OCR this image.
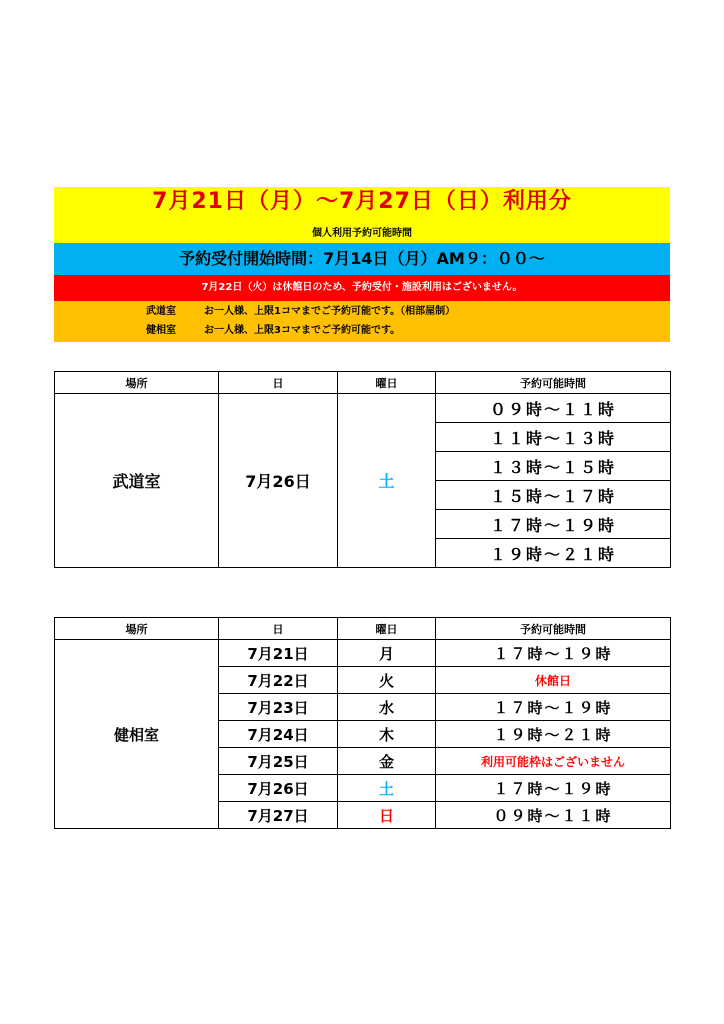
7月21日（月）～7月27日（日）利用分
個人利用予約可能時間
予約受付開始時間：7月14日（月）AM９：００～
7月22日（火）は休館日のため、予約受付・施設利用はございません。
武道室	お一人様、上限1コマまでご予約可能です。（相部屋制）
健相室	お一人様、上限3コマまでご予約可能です。
場所	日	曜日	予約可能時間
武道室	7月26日	土	０９時～１１時
			１１時～１３時
			１３時～１５時
			１５時～１７時
			１７時～１９時
			１９時～２１時
場所	日	曜日	予約可能時間
健相室	7月21日	月	１７時～１９時
	7月22日	火	休館日
	7月23日	水	１７時～１９時
	7月24日	木	１９時～２１時
	7月25日	金	利用可能枠はございません
	7月26日	土	１７時～１９時
	7月27日	日	０９時～１１時
